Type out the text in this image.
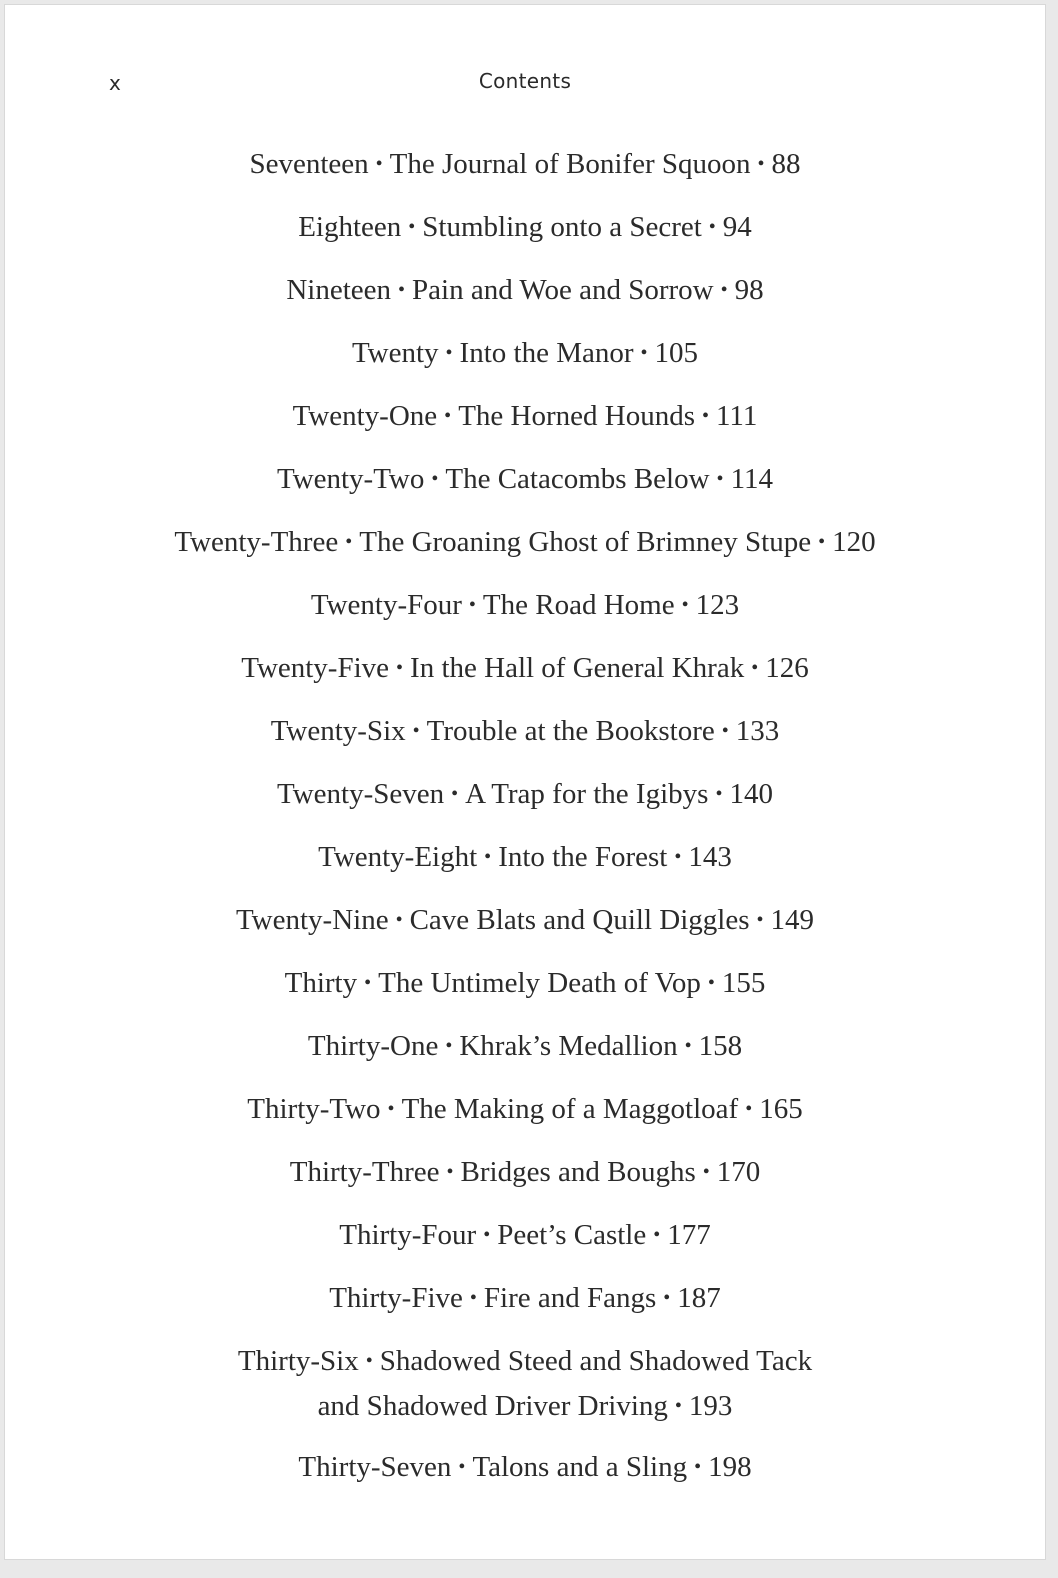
x	Contents
Seventeen • The Journal of Bonifer Squoon • 88
Eighteen • Stumbling onto a Secret • 94
Nineteen • Pain and Woe and Sorrow • 98
Twenty • Into the Manor • 105
Twenty-One • The Horned Hounds • 111
Twenty-Two • The Catacombs Below • 114
Twenty-Three • The Groaning Ghost of Brimney Stupe • 120
Twenty-Four • The Road Home • 123
Twenty-Five • In the Hall of General Khrak • 126
Twenty-Six • Trouble at the Bookstore • 133
Twenty-Seven • A Trap for the Igibys • 140
Twenty-Eight • Into the Forest • 143
Twenty-Nine • Cave Blats and Quill Diggles • 149
Thirty • The Untimely Death of Vop • 155
Thirty-One • Khrak’s Medallion • 158
Thirty-Two • The Making of a Maggotloaf • 165
Thirty-Three • Bridges and Boughs • 170
Thirty-Four • Peet’s Castle • 177
Thirty-Five • Fire and Fangs • 187
Thirty-Six • Shadowed Steed and Shadowed Tack
and Shadowed Driver Driving • 193
Thirty-Seven • Talons and a Sling • 198
